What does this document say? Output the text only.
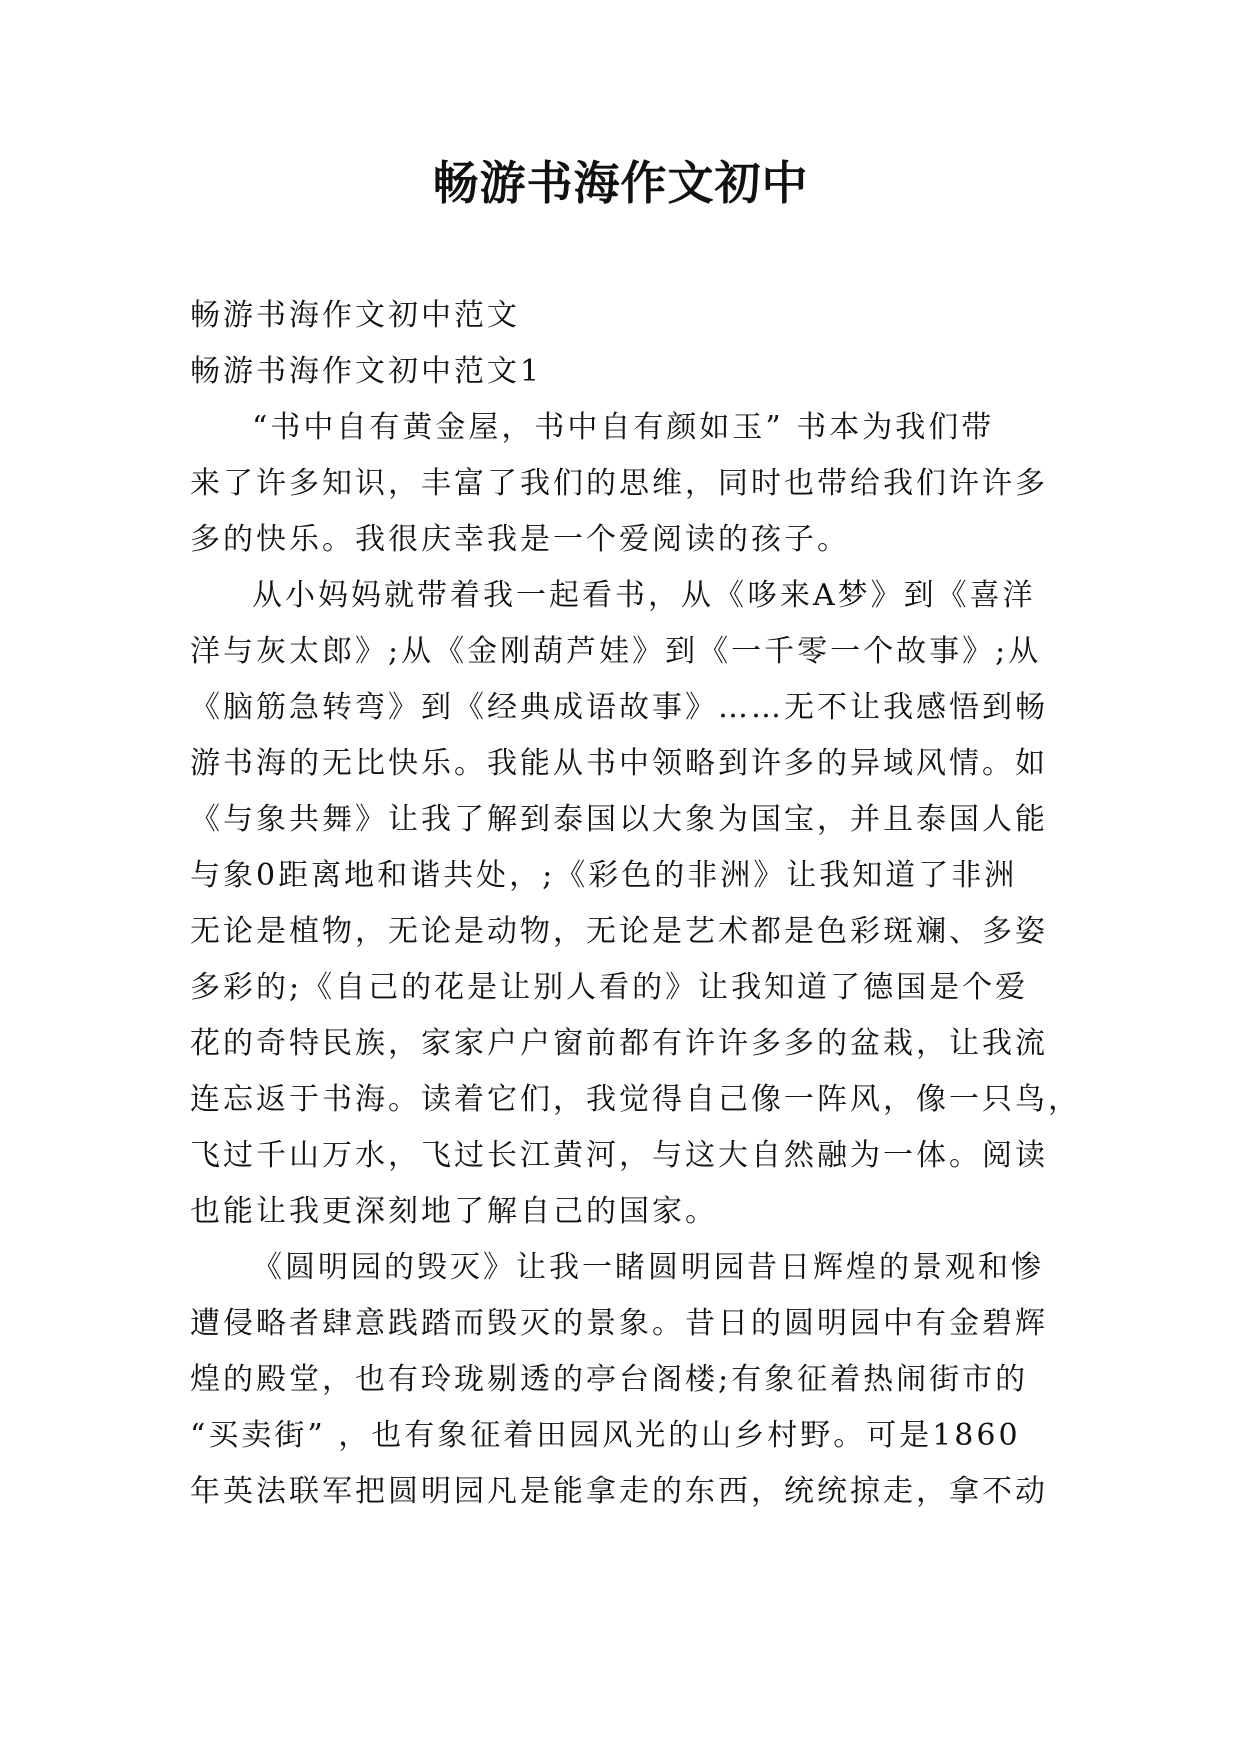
畅游书海作文初中
畅游书海作文初中范文
畅游书海作文初中范文1
“书中自有黄金屋，书中自有颜如玉” 书本为我们带
来了许多知识，丰富了我们的思维，同时也带给我们许许多
多的快乐。我很庆幸我是一个爱阅读的孩子。
从小妈妈就带着我一起看书，从《哆来A梦》到《喜洋
洋与灰太郎》;从《金刚葫芦娃》到《一千零一个故事》;从
《脑筋急转弯》到《经典成语故事》……无不让我感悟到畅
游书海的无比快乐。我能从书中领略到许多的异域风情。如
《与象共舞》让我了解到泰国以大象为国宝，并且泰国人能
与象0距离地和谐共处，;《彩色的非洲》让我知道了非洲
无论是植物，无论是动物，无论是艺术都是色彩斑斓、多姿
多彩的;《自己的花是让别人看的》让我知道了德国是个爱
花的奇特民族，家家户户窗前都有许许多多的盆栽，让我流
连忘返于书海。读着它们，我觉得自己像一阵风，像一只鸟，
飞过千山万水，飞过长江黄河，与这大自然融为一体。阅读
也能让我更深刻地了解自己的国家。
《圆明园的毁灭》让我一睹圆明园昔日辉煌的景观和惨
遭侵略者肆意践踏而毁灭的景象。昔日的圆明园中有金碧辉
煌的殿堂，也有玲珑剔透的亭台阁楼;有象征着热闹街市的
“买卖街” ，也有象征着田园风光的山乡村野。可是1860
年英法联军把圆明园凡是能拿走的东西，统统掠走，拿不动
